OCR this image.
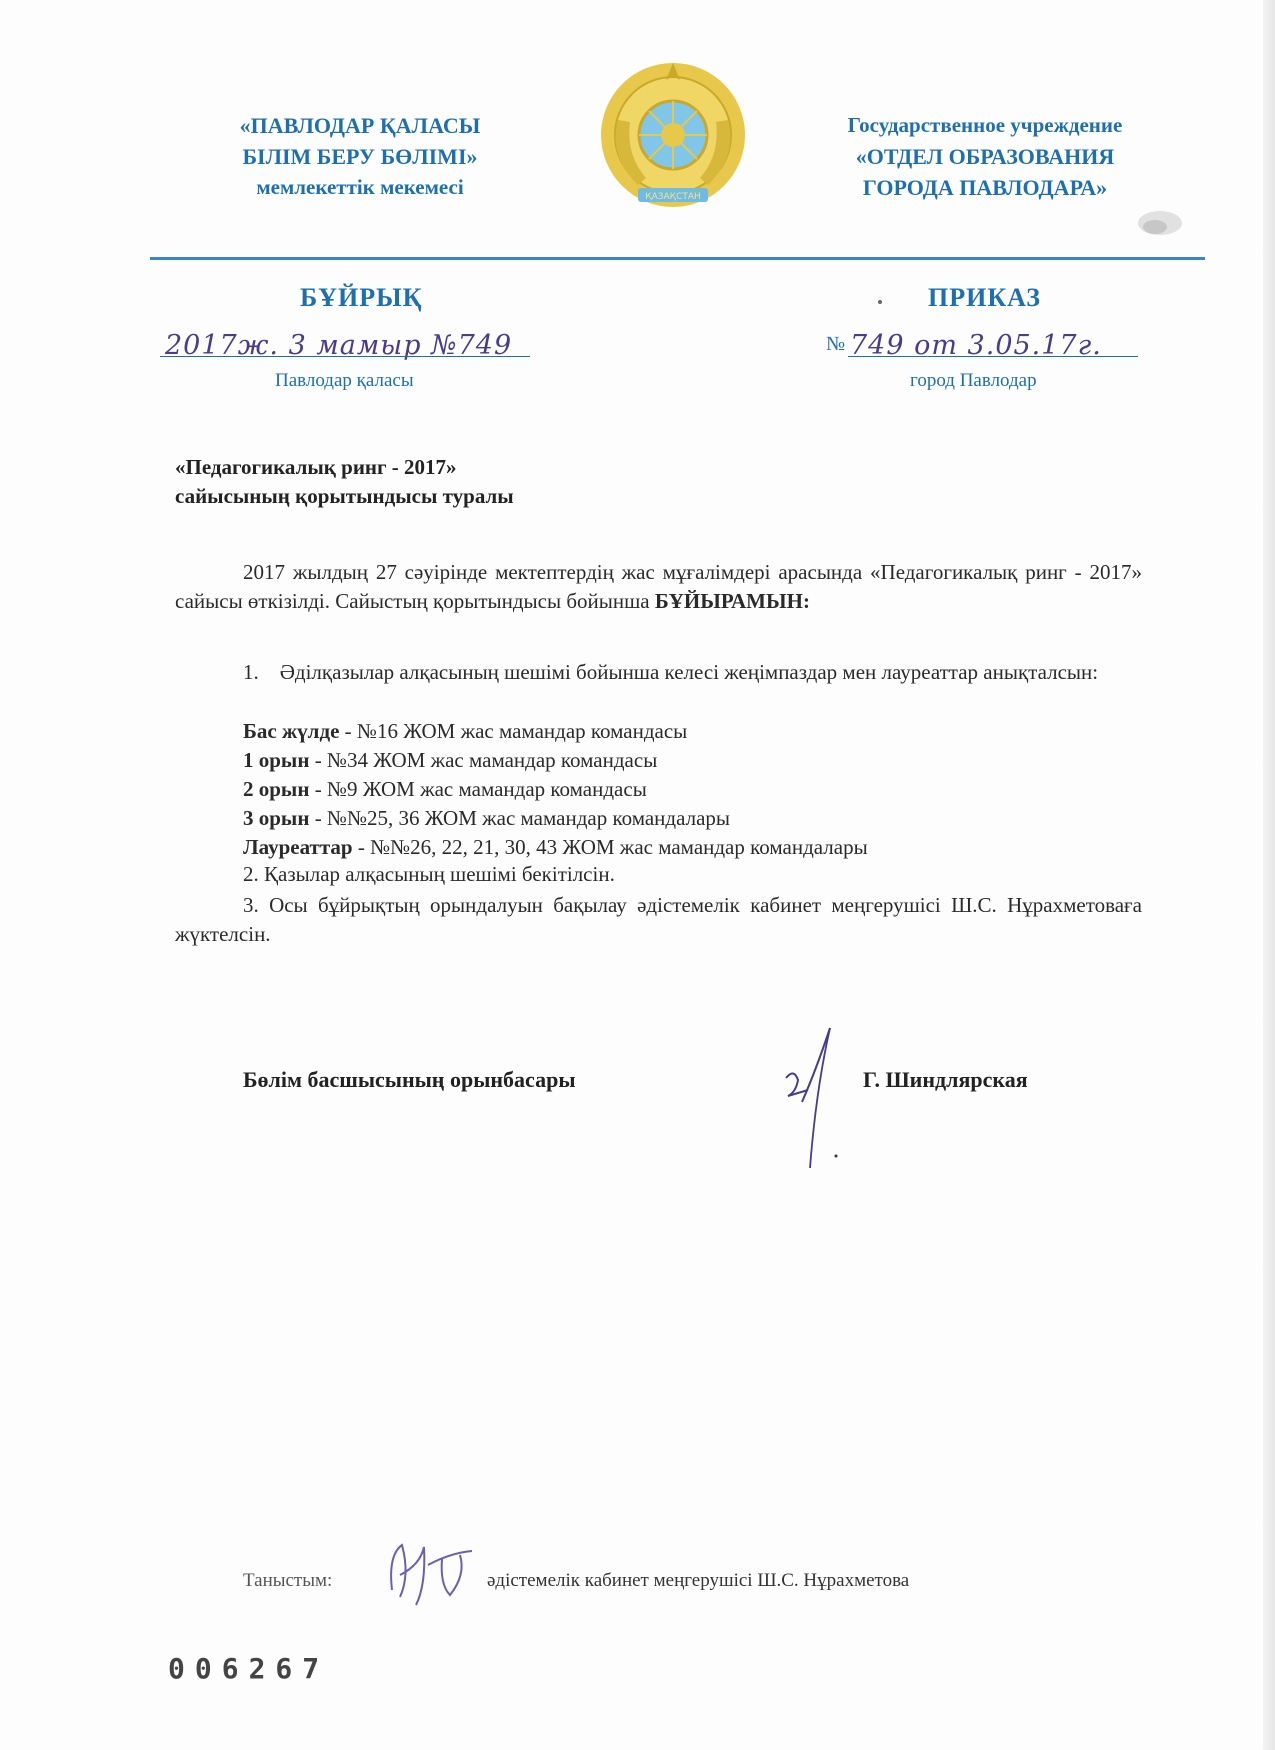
«ПАВЛОДАР ҚАЛАСЫ
БІЛІМ БЕРУ БӨЛІМІ»
мемлекеттік мекемесі	ҚАЗАҚСТАН
Государственное учреждение
«ОТДЕЛ ОБРАЗОВАНИЯ
ГОРОДА ПАВЛОДАРА»
БҰЙРЫҚ	ПРИКАЗ
2017ж. 3 мамыр №749	№ 749 от 3.05.17г.
Павлодар қаласы	город Павлодар
«Педагогикалық ринг - 2017»
сайысының қорытындысы туралы
2017 жылдың 27 сәуірінде мектептердің жас мұғалімдері арасында «Педагогикалық ринг - 2017» сайысы өткізілді. Сайыстың қорытындысы бойынша БҰЙЫРАМЫН:
1.    Әділқазылар алқасының шешімі бойынша келесі жеңімпаздар мен лауреаттар анықталсын:
Бас жүлде - №16 ЖОМ жас мамандар командасы
1 орын - №34 ЖОМ жас мамандар командасы
2 орын - №9 ЖОМ жас мамандар командасы
3 орын - №№25, 36 ЖОМ жас мамандар командалары
Лауреаттар - №№26, 22, 21, 30, 43 ЖОМ жас мамандар командалары
2. Қазылар алқасының шешімі бекітілсін.
3. Осы бұйрықтың орындалуын бақылау әдістемелік кабинет меңгерушісі Ш.С. Нұрахметоваға жүктелсін.
Бөлім басшысының орынбасары	Г. Шиндлярская
Таныстым:	әдістемелік кабинет меңгерушісі Ш.С. Нұрахметова
006267
